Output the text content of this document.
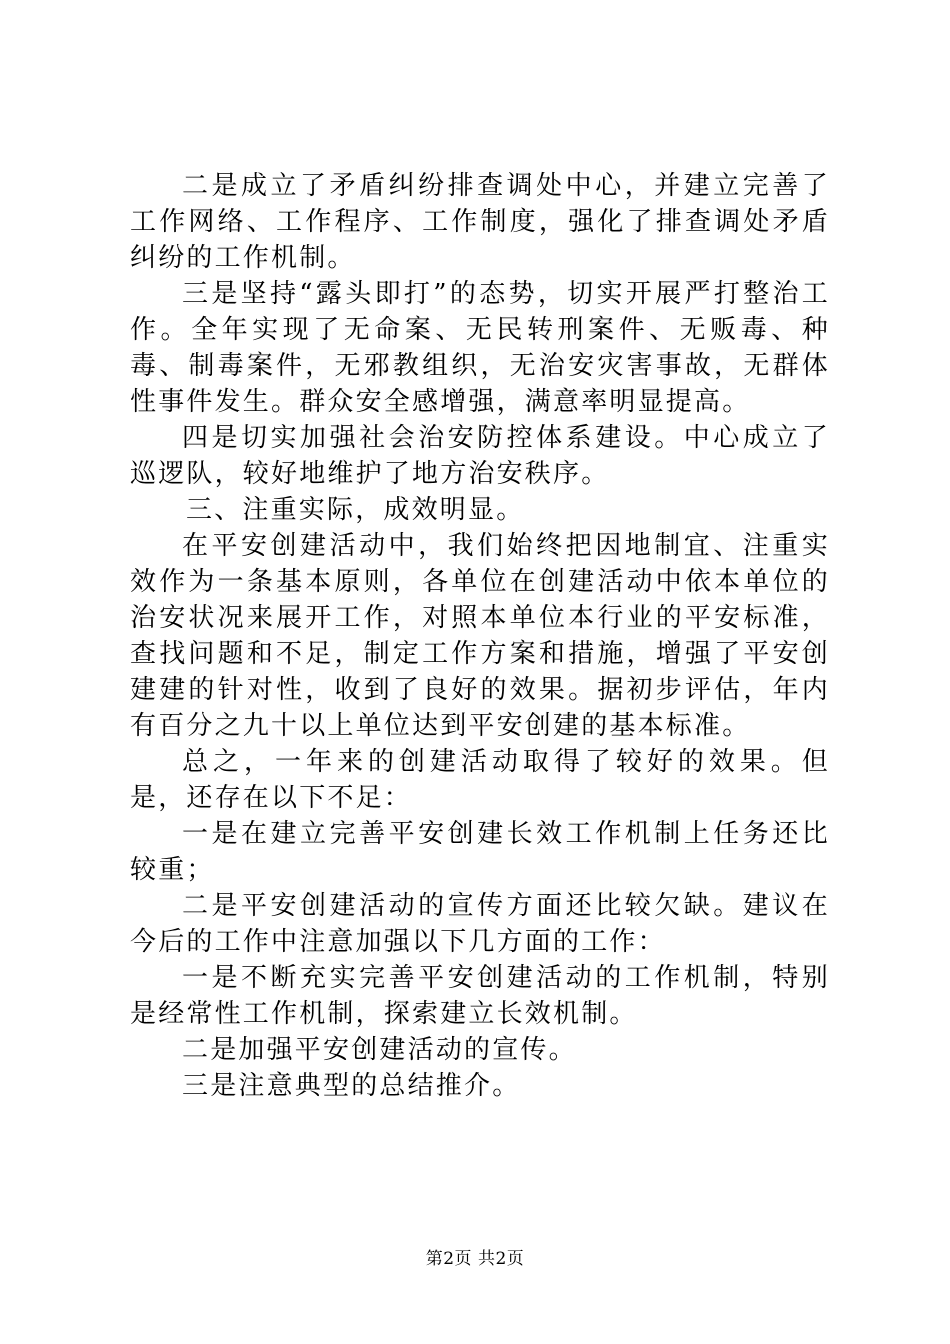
二是成立了矛盾纠纷排查调处中心，并建立完善了工作网络、工作程序、工作制度，强化了排查调处矛盾纠纷的工作机制。

三是坚持“露头即打”的态势，切实开展严打整治工作。全年实现了无命案、无民转刑案件、无贩毒、种毒、制毒案件，无邪教组织，无治安灾害事故，无群体性事件发生。群众安全感增强，满意率明显提高。

四是切实加强社会治安防控体系建设。中心成立了巡逻队，较好地维护了地方治安秩序。

三、注重实际，成效明显。

在平安创建活动中，我们始终把因地制宜、注重实效作为一条基本原则，各单位在创建活动中依本单位的治安状况来展开工作，对照本单位本行业的平安标准，查找问题和不足，制定工作方案和措施，增强了平安创建建的针对性，收到了良好的效果。据初步评估，年内有百分之九十以上单位达到平安创建的基本标准。

总之，一年来的创建活动取得了较好的效果。但是，还存在以下不足：

一是在建立完善平安创建长效工作机制上任务还比较重；

二是平安创建活动的宣传方面还比较欠缺。建议在今后的工作中注意加强以下几方面的工作：

一是不断充实完善平安创建活动的工作机制，特别是经常性工作机制，探索建立长效机制。

二是加强平安创建活动的宣传。

三是注意典型的总结推介。

第2页 共2页
